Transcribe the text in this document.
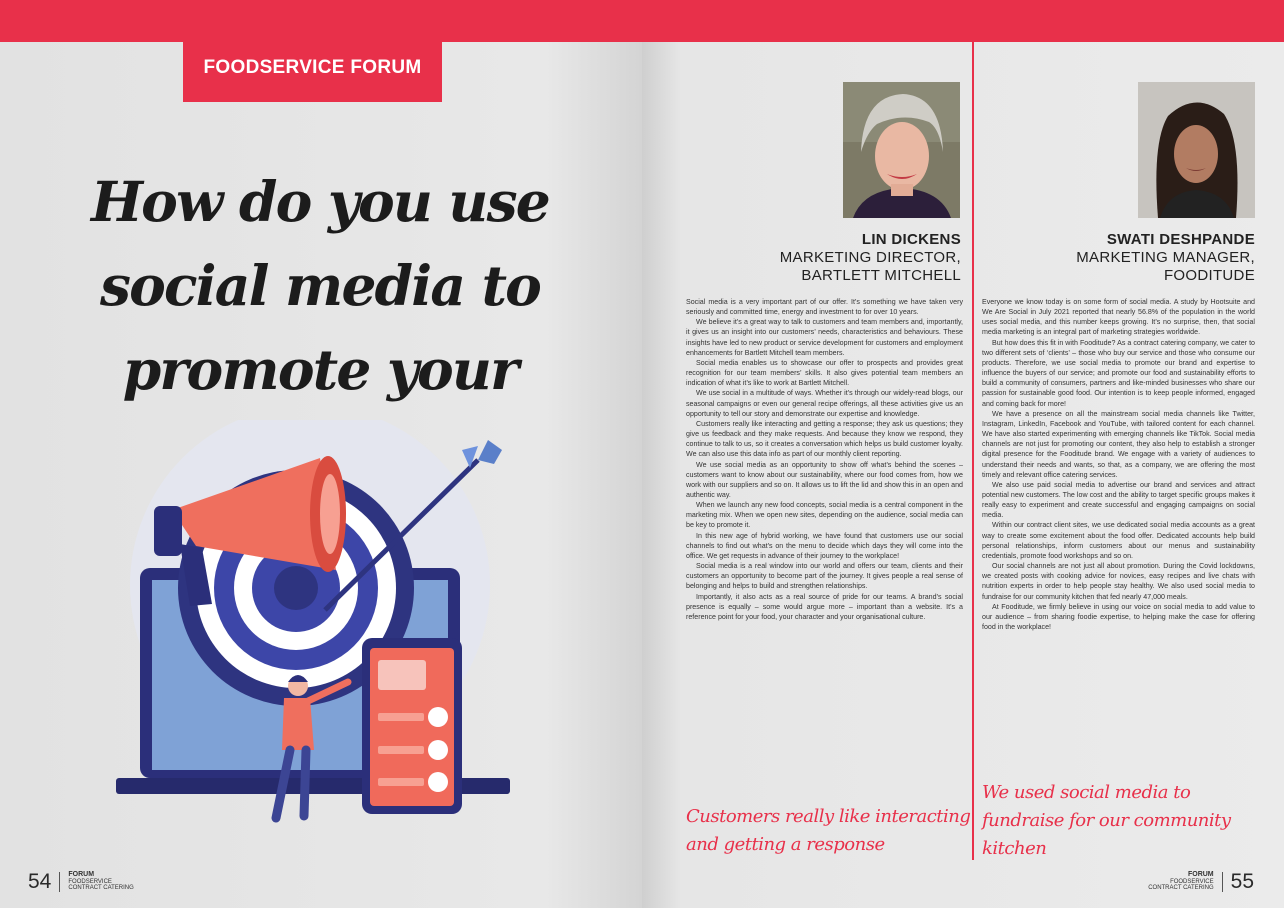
FOODSERVICE FORUM
How do you use social media to promote your
54 FORUM
FOODSERVICE
CONTRACT CATERING
LIN DICKENS
MARKETING DIRECTOR,
BARTLETT MITCHELL
SWATI DESHPANDE
MARKETING MANAGER,
FOODITUDE

Social media is a very important part of our offer. It’s something we have taken very seriously and committed time, energy and investment to for over 10 years.

We believe it’s a great way to talk to customers and team members and, importantly, it gives us an insight into our customers’ needs, characteristics and behaviours. These insights have led to new product or service development for customers and employment enhancements for Bartlett Mitchell team members.

Social media enables us to showcase our offer to prospects and provides great recognition for our team members’ skills. It also gives potential team members an indication of what it’s like to work at Bartlett Mitchell.

We use social in a multitude of ways. Whether it’s through our widely-read blogs, our seasonal campaigns or even our general recipe offerings, all these activities give us an opportunity to tell our story and demonstrate our expertise and knowledge.

Customers really like interacting and getting a response; they ask us questions; they give us feedback and they make requests. And because they know we respond, they continue to talk to us, so it creates a conversation which helps us build customer loyalty. We can also use this data info as part of our monthly client reporting.

We use social media as an opportunity to show off what’s behind the scenes – customers want to know about our sustainability, where our food comes from, how we work with our suppliers and so on. It allows us to lift the lid and show this in an open and authentic way.

When we launch any new food concepts, social media is a central component in the marketing mix. When we open new sites, depending on the audience, social media can be key to promote it.

In this new age of hybrid working, we have found that customers use our social channels to find out what’s on the menu to decide which days they will come into the office. We get requests in advance of their journey to the workplace!

Social media is a real window into our world and offers our team, clients and their customers an opportunity to become part of the journey. It gives people a real sense of belonging and helps to build and strengthen relationships.

Importantly, it also acts as a real source of pride for our teams. A brand’s social presence is equally – some would argue more – important than a website. It’s a reference point for your food, your character and your organisational culture.

Everyone we know today is on some form of social media. A study by Hootsuite and We Are Social in July 2021 reported that nearly 56.8% of the population in the world uses social media, and this number keeps growing. It’s no surprise, then, that social media marketing is an integral part of marketing strategies worldwide.

But how does this fit in with Fooditude? As a contract catering company, we cater to two different sets of ‘clients’ – those who buy our service and those who consume our products. Therefore, we use social media to promote our brand and expertise to influence the buyers of our service; and promote our food and sustainability efforts to build a community of consumers, partners and like-minded businesses who share our passion for sustainable good food. Our intention is to keep people informed, engaged and coming back for more!

We have a presence on all the mainstream social media channels like Twitter, Instagram, LinkedIn, Facebook and YouTube, with tailored content for each channel. We have also started experimenting with emerging channels like TikTok. Social media channels are not just for promoting our content, they also help to establish a stronger digital presence for the Fooditude brand. We engage with a variety of audiences to understand their needs and wants, so that, as a company, we are offering the most timely and relevant office catering services.

We also use paid social media to advertise our brand and services and attract potential new customers. The low cost and the ability to target specific groups makes it really easy to experiment and create successful and engaging campaigns on social media.

Within our contract client sites, we use dedicated social media accounts as a great way to create some excitement about the food offer. Dedicated accounts help build personal relationships, inform customers about our menus and sustainability credentials, promote food workshops and so on.

Our social channels are not just all about promotion. During the Covid lockdowns, we created posts with cooking advice for novices, easy recipes and live chats with nutrition experts in order to help people stay healthy. We also used social media to fundraise for our community kitchen that fed nearly 47,000 meals.

At Fooditude, we firmly believe in using our voice on social media to add value to our audience – from sharing foodie expertise, to helping make the case for offering food in the workplace!

Customers really like interacting and getting a response
We used social media to fundraise for our community kitchen
FORUM
FOODSERVICE
CONTRACT CATERING 55
